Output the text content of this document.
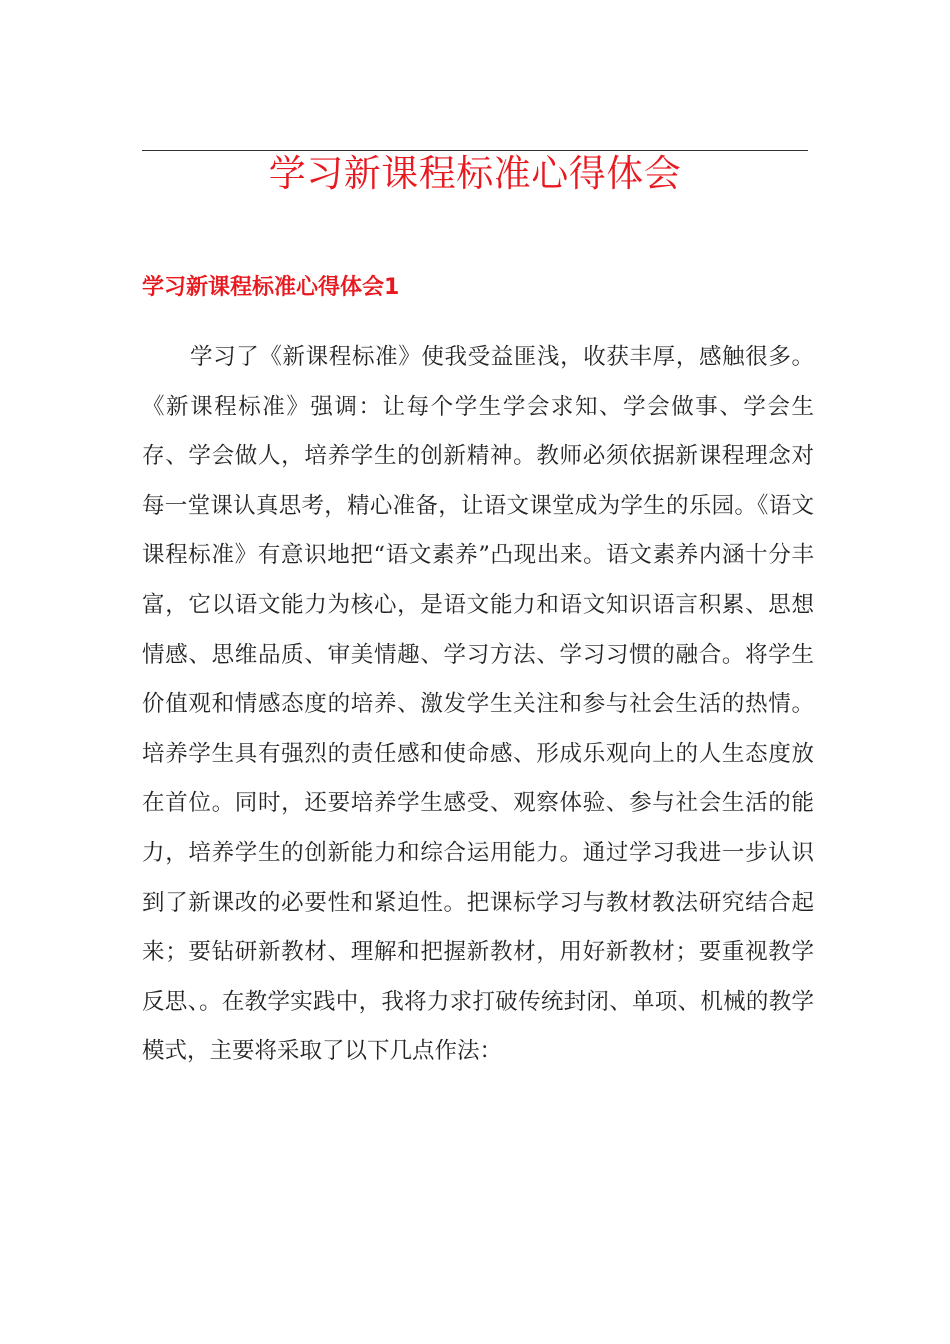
学习新课程标准心得体会
学习新课程标准心得体会1

学习了《新课程标准》使我受益匪浅，收获丰厚，感触很多。《新课程标准》强调：让每个学生学会求知、学会做事、学会生存、学会做人，培养学生的创新精神。教师必须依据新课程理念对每一堂课认真思考，精心准备，让语文课堂成为学生的乐园。《语文课程标准》有意识地把“语文素养”凸现出来。语文素养内涵十分丰富，它以语文能力为核心，是语文能力和语文知识语言积累、思想情感、思维品质、审美情趣、学习方法、学习习惯的融合。将学生价值观和情感态度的培养、激发学生关注和参与社会生活的热情。培养学生具有强烈的责任感和使命感、形成乐观向上的人生态度放在首位。同时，还要培养学生感受、观察体验、参与社会生活的能力，培养学生的创新能力和综合运用能力。通过学习我进一步认识到了新课改的必要性和紧迫性。把课标学习与教材教法研究结合起来；要钻研新教材、理解和把握新教材，用好新教材；要重视教学反思、。在教学实践中，我将力求打破传统封闭、单项、机械的教学模式，主要将采取了以下几点作法：
